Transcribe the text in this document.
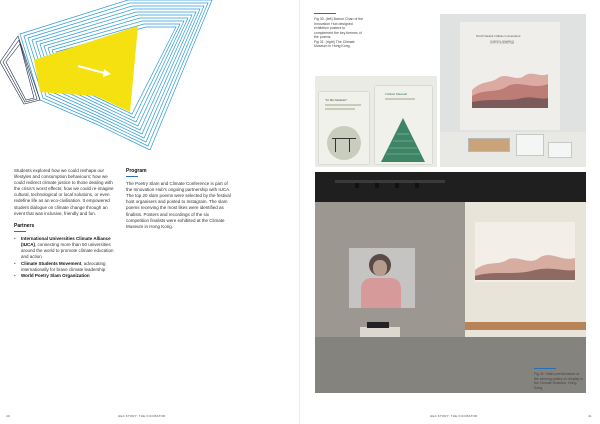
Students explored how we could reshape our lifestyles and consumption behaviours; how we could redirect climate justice to those dealing with the crisis's worst effects; how we could re-imagine cultural, technological or local solutions, or even redefine life as an eco-civilisation. It empowered student dialogue on climate change through an event that was inclusive, friendly and fun.

Partners
• International Universities Climate Alliance (IUCA), connecting more than 50 universities around the world to promote climate education and action
• Climate Students Movement, advocating internationally for brave climate leadership
• World Poetry Slam Organization
Program

The Poetry Slam and Climate Conference is part of the Innovation Hub's ongoing partnership with IUCA. The top 20 slam poems were selected by the festival host organisers and posted to Instagram. The slam poems receiving the most likes were identified as finalists. Posters and recordings of the six competition finalists were exhibited at the Climate Museum in Hong Kong.

40	HEA STORY: THE INCUBATOR
Fig 30. (left) Barron Chan of the Innovation Hub designed exhibition posters to complement the key themes of the poems.
Fig 31. (right) The Climate Museum in Hong Kong.
"In this Moment"
Climate Museum
World Student Climate Conversation
世界學生氣候對話
Fig 32. Video performance of the winning poetry on display in the Climate Museum, Hong Kong.
HEA STORY: THE INCUBATOR	41
